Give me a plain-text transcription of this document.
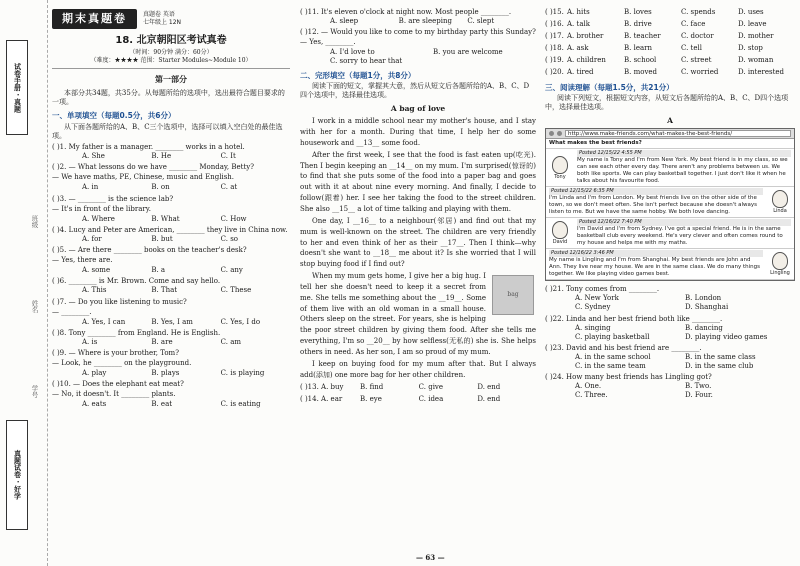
试卷手册 · 真题
班级
姓名
学号
真题试卷 · 好学
期末真题卷	真题卷 英语
七年级上 12N
18. 北京朝阳区考试真卷
（时间：90分钟 满分：60分）
（难度：★★★★ 范围：Starter Modules~Module 10）
第一部分

本部分共34题，共35分。从每题所给的选项中，选出最符合题目要求的一项。

一、单项填空（每题0.5分，共6分）

从下面各题所给的A、B、C三个选项中，选择可以填入空白处的最佳选项。

( )1. My father is a manager. ________ works in a hotel.

A. She	B. He	C. It

( )2. — What lessons do we have ________ Monday, Betty?

— We have maths, PE, Chinese, music and English.

A. in	B. on	C. at

( )3. — ________ is the science lab?

— It's in front of the library.

A. Where	B. What	C. How

( )4. Lucy and Peter are American, ________ they live in China now.

A. for	B. but	C. so

( )5. — Are there ________ books on the teacher's desk?

— Yes, there are.

A. some	B. a	C. any

( )6. ________ is Mr. Brown. Come and say hello.

A. This	B. That	C. These

( )7. — Do you like listening to music?

— ________.

A. Yes, I can	B. Yes, I am	C. Yes, I do

( )8. Tony ________ from England. He is English.

A. is	B. are	C. am

( )9. — Where is your brother, Tom?

— Look, he ________ on the playground.

A. play	B. plays	C. is playing

( )10. — Does the elephant eat meat?

— No, it doesn't. It ________ plants.

A. eats	B. eat	C. is eating

( )11. It's eleven o'clock at night now. Most people ________.

A. sleep	B. are sleeping	C. slept

( )12. — Would you like to come to my birthday party this Sunday?

— Yes, ________.

A. I'd love to	B. you are welcome
C. sorry to hear that
二、完形填空（每题1分，共8分）

阅读下面的短文，掌握其大意，然后从短文后各题所给的A、B、C、D四个选项中，选择最佳选项。

A bag of love

I work in a middle school near my mother's house, and I stay with her for a month. During that time, I help her do some housework and __13__ some food.

After the first week, I see that the food is fast eaten up(吃光). Then I begin keeping an __14__ on my mum. I'm surprised(惊讶的) to find that she puts some of the food into a paper bag and goes out with it at about nine every morning. And finally, I decide to follow(跟着) her. I see her taking the food to the street children. She also __15__ a lot of time talking and playing with them.

One day, I __16__ to a neighbour(邻居) and find out that my mum is well-known on the street. The children are very friendly to her and even think of her as their __17__. Then I think—why doesn't she want to __18__ me about it? Is she worried that I will stop buying food if I find out?

bag

When my mum gets home, I give her a big hug. I tell her she doesn't need to keep it a secret from me. She tells me something about the __19__. Some of them live with an old woman in a small house. Others sleep on the street. For years, she is helping the poor street children by giving them food. After she tells me everything, I'm so __20__ by how selfless(无私的) she is. She helps others in need. As her son, I am so proud of my mum.

I keep on buying food for my mum after that. But I always add(添加) one more bag for her other children.

( )13. A. buy	B. find	C. give	D. end
( )14. A. ear	B. eye	C. idea	D. end
( )15. A. hits	B. loves	C. spends	D. uses
( )16. A. talk	B. drive	C. face	D. leave
( )17. A. brother	B. teacher	C. doctor	D. mother
( )18. A. ask	B. learn	C. tell	D. stop
( )19. A. children	B. school	C. street	D. woman
( )20. A. tired	B. moved	C. worried	D. interested
三、阅读理解（每题1.5分，共21分）

阅读下列短文，根据短文内容，从短文后各题所给的A、B、C、D四个选项中，选择最佳选项。

A
http://www.make-friends.com/what-makes-the-best-friends/
What makes the best friends?
Tony
Posted 12/15/22 4:55 PM
My name is Tony and I'm from New York. My best friend is in my class, so we can see each other every day. There aren't any problems between us. We both like sports. We can play basketball together. I just don't like it when he talks about his favourite food.
Posted 12/15/22 6:35 PM
I'm Linda and I'm from London. My best friends live on the other side of the town, so we don't meet often. She isn't perfect because she doesn't always listen to me. But we have the same hobby. We both love dancing.	Linda
David
Posted 12/16/22 7:40 PM
I'm David and I'm from Sydney. I've got a special friend. He is in the same basketball club every weekend. He's very clever and often comes round to my house and helps me with my maths.
Posted 12/16/22 3:46 PM
My name is Lingling and I'm from Shanghai. My best friends are John and Ann. They live near my house. We are in the same class. We do many things together. We like playing video games best.	Lingling

( )21. Tony comes from ________.

A. New York	B. London
C. Sydney	D. Shanghai

( )22. Linda and her best friend both like ________.

A. singing	B. dancing
C. playing basketball	D. playing video games

( )23. David and his best friend are ________.

A. in the same school	B. in the same class
C. in the same team	D. in the same club

( )24. How many best friends has Lingling got?

A. One.	B. Two.
C. Three.	D. Four.
— 63 —
